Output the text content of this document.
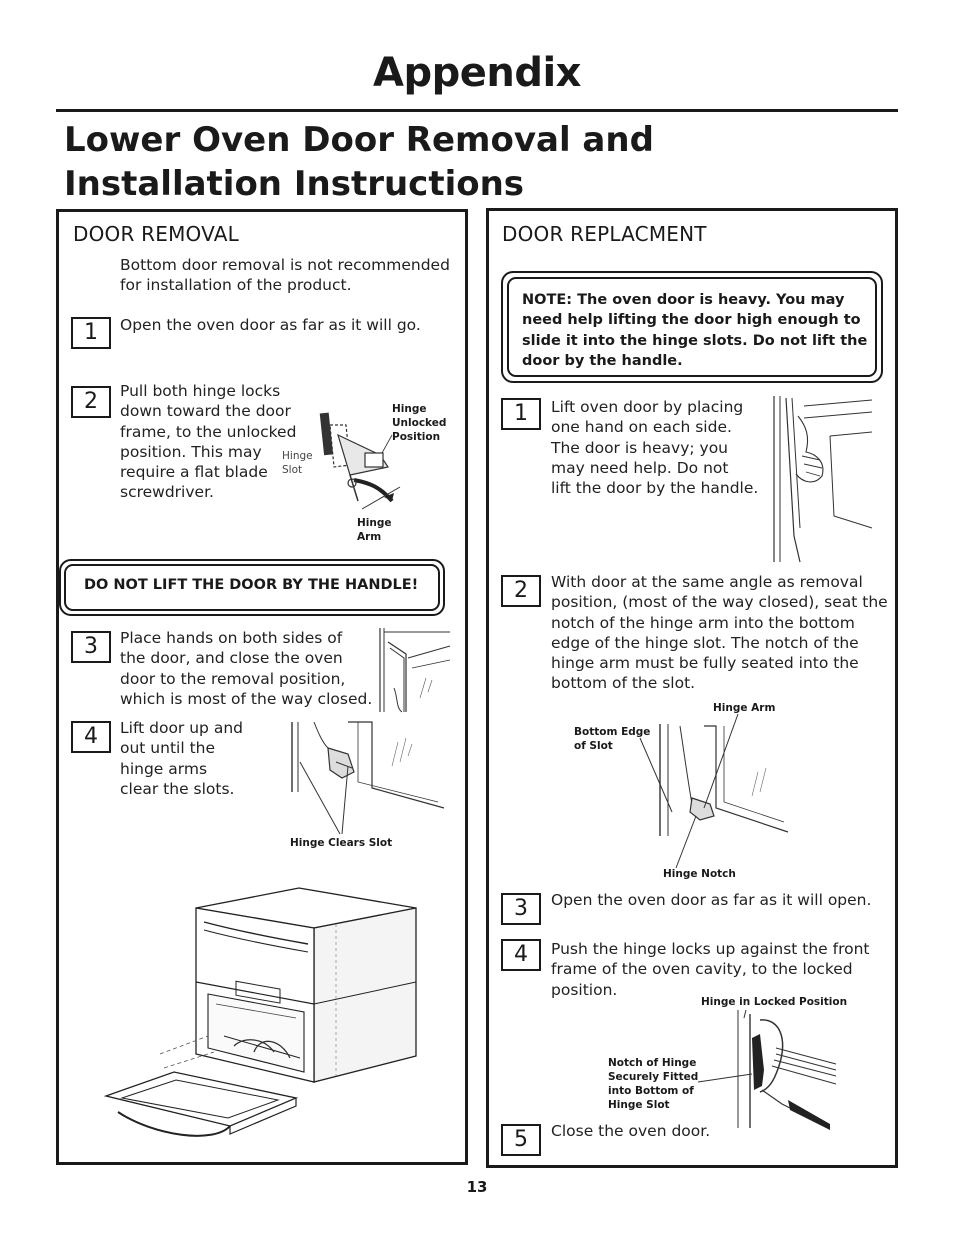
Appendix
Lower Oven Door Removal and
Installation Instructions
DOOR REMOVAL
Bottom door removal is not recommended
for installation of the product.
1	Open the oven door as far as it will go.
2	Pull both hinge locks
down toward the door
frame, to the unlocked
position. This may
require a flat blade
screwdriver.
Hinge
Unlocked
Position
Hinge
Slot
Hinge
Arm
DO NOT LIFT THE DOOR BY THE HANDLE!
3	Place hands on both sides of
the door, and close the oven
door to the removal position,
which is most of the way closed.
4	Lift door up and
out until the
hinge arms
clear the slots.
Hinge Clears Slot
DOOR REPLACMENT
NOTE: The oven door is heavy. You may
need help lifting the door high enough to
slide it into the hinge slots. Do not lift the
door by the handle.
1	Lift oven door by placing
one hand on each side.
The door is heavy; you
may need help. Do not
lift the door by the handle.
2	With door at the same angle as removal
position, (most of the way closed), seat the
notch of the hinge arm into the bottom
edge of the hinge slot. The notch of the
hinge arm must be fully seated into the
bottom of the slot.
Hinge Arm
Bottom Edge
of Slot
Hinge Notch
3	Open the oven door as far as it will open.
4	Push the hinge locks up against the front
frame of the oven cavity, to the locked
position.
Hinge in Locked Position
Notch of Hinge
Securely Fitted
into Bottom of
Hinge Slot
5	Close the oven door.
13
